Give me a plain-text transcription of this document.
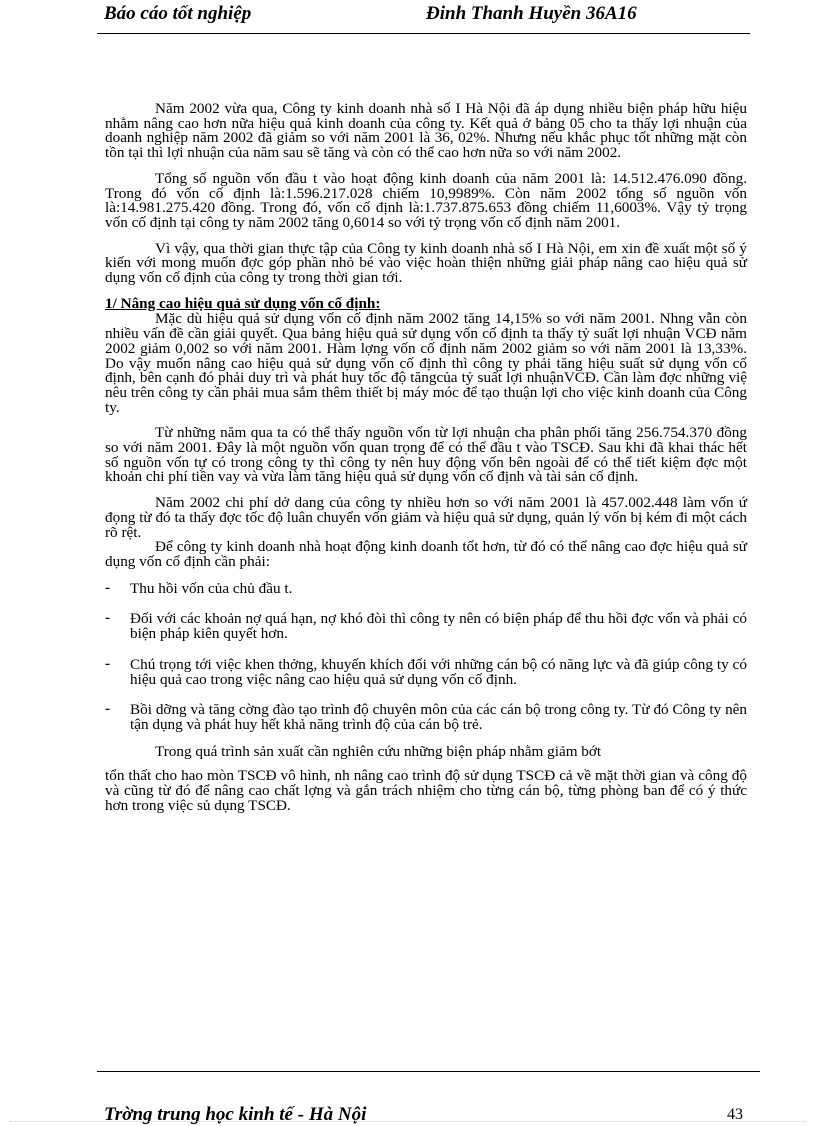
Báo cáo tốt nghiệp	Đinh Thanh Huyền 36A16

Năm 2002 vừa qua, Công ty kinh doanh nhà số I Hà Nội đã áp dụng nhiều biện pháp hữu hiệu nhằm nâng cao hơn nữa hiệu quả kinh doanh của công ty. Kết quả ở bảng 05 cho ta thấy lợi nhuận của doanh nghiệp năm 2002 đã giảm so với năm 2001 là 36, 02%. Nhưng nếu khắc phục tốt những mặt còn tồn tại thì lợi nhuận của năm sau sẽ tăng và còn có thể cao hơn nữa so với năm 2002.

Tổng số nguồn vốn đầu t vào hoạt động kinh doanh của năm 2001 là: 14.512.476.090 đồng. Trong đó vốn cố định là:1.596.217.028 chiếm 10,9989%. Còn năm 2002 tổng số nguồn vốn là:14.981.275.420 đồng. Trong đó, vốn cố định là:1.737.875.653 đồng chiếm 11,6003%. Vậy tỷ trọng vốn cố định tại công ty năm 2002 tăng 0,6014 so với tỷ trọng vốn cố định năm 2001.

Vì vậy, qua thời gian thực tập của Công ty kinh doanh nhà số I Hà Nội, em xin đề xuất một số ý kiến với mong muốn đợc góp phần nhỏ bé vào việc hoàn thiện những giải pháp nâng cao hiệu quả sử dụng vốn cố định của công ty trong thời gian tới.

1/ Nâng cao hiệu quả sử dụng vốn cố định:

Mặc dù hiệu quả sử dụng vốn cố định năm 2002 tăng 14,15% so với năm 2001. Nhng vẫn còn nhiều vấn đề cần giải quyết. Qua bảng hiệu quả sử dụng vốn cố định ta thấy tỷ suất lợi nhuận VCĐ năm 2002 giảm 0,002 so với năm 2001. Hàm lợng vốn cố định năm 2002 giảm so với năm 2001 là 13,33%. Do vậy muốn nâng cao hiệu quả sử dụng vốn cố định thì công ty phải tăng hiệu suất sử dụng vốn cố định, bên cạnh đó phải duy trì và phát huy tốc độ tăngcủa tỷ suất lợi nhuậnVCĐ. Cần làm đợc những việ nêu trên công ty cần phải mua sắm thêm thiết bị máy móc để tạo thuận lợi cho việc kinh doanh của Công ty.

Từ những năm qua ta có thể thấy nguồn vốn từ lợi nhuận cha phân phối tăng 256.754.370 đồng so với năm 2001. Đây là một nguồn vốn quan trọng để có thể đầu t vào TSCĐ. Sau khi đã khai thác hết số nguồn vốn tự có trong công ty thì công ty nên huy động vốn bên ngoài để có thể tiết kiệm đợc một khoản chi phí tiền vay và vừa làm tăng hiệu quả sử dụng vốn cố định và tài sản cố định.

Năm 2002 chi phí dở dang của công ty nhiều hơn so với năm 2001 là 457.002.448 làm vốn ứ đọng từ đó ta thấy đợc tốc độ luân chuyển vốn giảm và hiệu quả sử dụng, quản lý vốn bị kém đi một cách rõ rệt.

Để công ty kinh doanh nhà hoạt động kinh doanh tốt hơn, từ đó có thể nâng cao đợc hiệu quả sử dụng vốn cố định cần phải:

- Thu hồi vốn của chủ đầu t.
- Đối với các khoản nợ quá hạn, nợ khó đòi thì công ty nên có biện pháp để thu hồi đợc vốn và phải có biện pháp kiên quyết hơn.
- Chú trọng tới việc khen thởng, khuyến khích đối với những cán bộ có năng lực và đã giúp công ty có hiệu quả cao trong việc nâng cao hiệu quả sử dụng vốn cố định.
- Bồi dỡng và tăng cờng đào tạo trình độ chuyên môn của các cán bộ trong công ty. Từ đó Công ty nên tận dụng và phát huy hết khả năng trình độ của cán bộ trẻ.

Trong quá trình sản xuất cần nghiên cứu những biện pháp nhằm giảm bớt

tổn thất cho hao mòn TSCĐ vô hình, nh nâng cao trình độ sử dụng TSCĐ cả về mặt thời gian và công độ và cũng từ đó để nâng cao chất lợng và gắn trách nhiệm cho từng cán bộ, từng phòng ban để có ý thức hơn trong việc sủ dụng TSCĐ.

Trờng trung học kinh tế - Hà Nội	43
